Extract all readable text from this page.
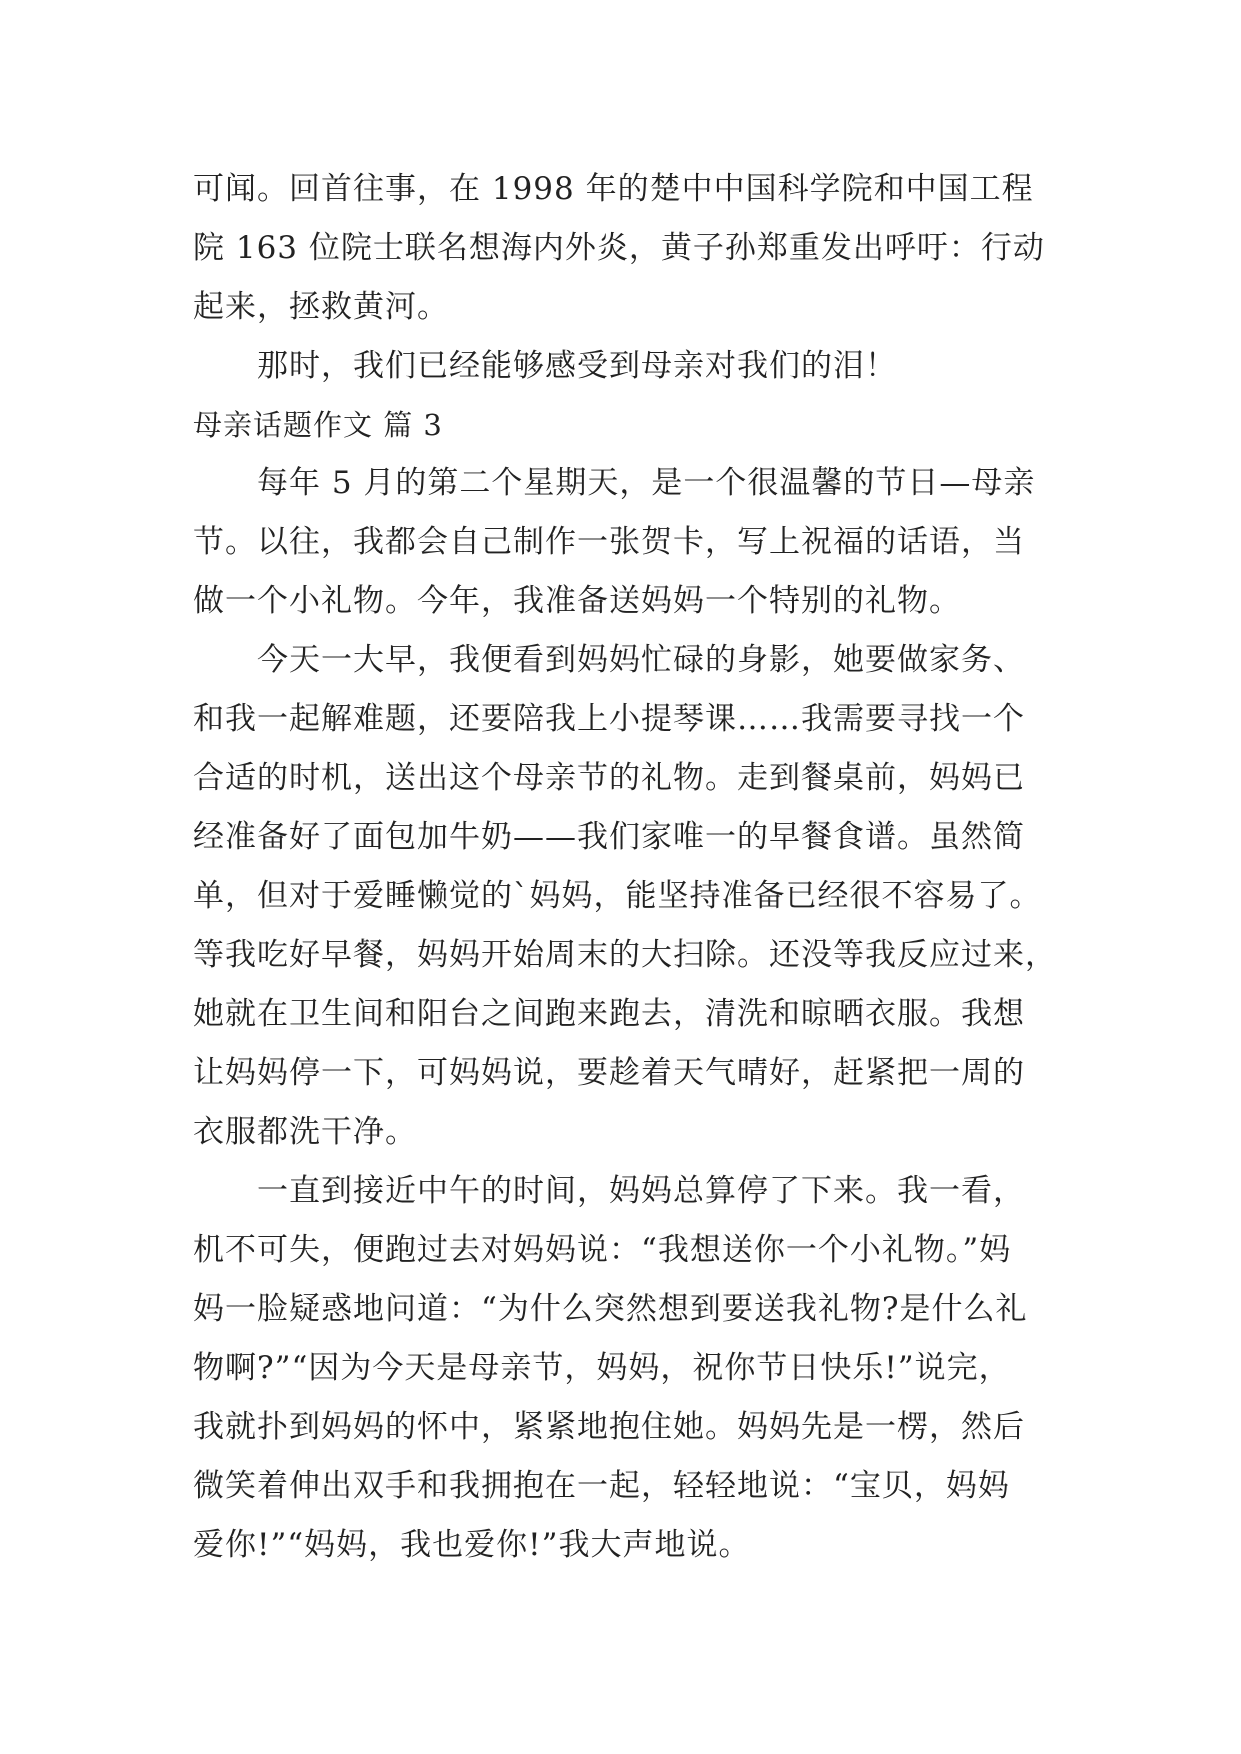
可闻。回首往事，在 1998 年的楚中中国科学院和中国工程
院 163 位院士联名想海内外炎，黄子孙郑重发出呼吁：行动
起来，拯救黄河。
那时，我们已经能够感受到母亲对我们的泪！
母亲话题作文 篇 3
每年 5 月的第二个星期天，是一个很温馨的节日—母亲
节。以往，我都会自己制作一张贺卡，写上祝福的话语，当
做一个小礼物。今年，我准备送妈妈一个特别的礼物。
今天一大早，我便看到妈妈忙碌的身影，她要做家务、
和我一起解难题，还要陪我上小提琴课……我需要寻找一个
合适的时机，送出这个母亲节的礼物。走到餐桌前，妈妈已
经准备好了面包加牛奶——我们家唯一的早餐食谱。虽然简
单，但对于爱睡懒觉的`妈妈，能坚持准备已经很不容易了。
等我吃好早餐，妈妈开始周末的大扫除。还没等我反应过来，
她就在卫生间和阳台之间跑来跑去，清洗和晾晒衣服。我想
让妈妈停一下，可妈妈说，要趁着天气晴好，赶紧把一周的
衣服都洗干净。
一直到接近中午的时间，妈妈总算停了下来。我一看，
机不可失，便跑过去对妈妈说：“我想送你一个小礼物。”妈
妈一脸疑惑地问道：“为什么突然想到要送我礼物?是什么礼
物啊?”“因为今天是母亲节，妈妈，祝你节日快乐!”说完，
我就扑到妈妈的怀中，紧紧地抱住她。妈妈先是一楞，然后
微笑着伸出双手和我拥抱在一起，轻轻地说：“宝贝，妈妈
爱你!”“妈妈，我也爱你!”我大声地说。
